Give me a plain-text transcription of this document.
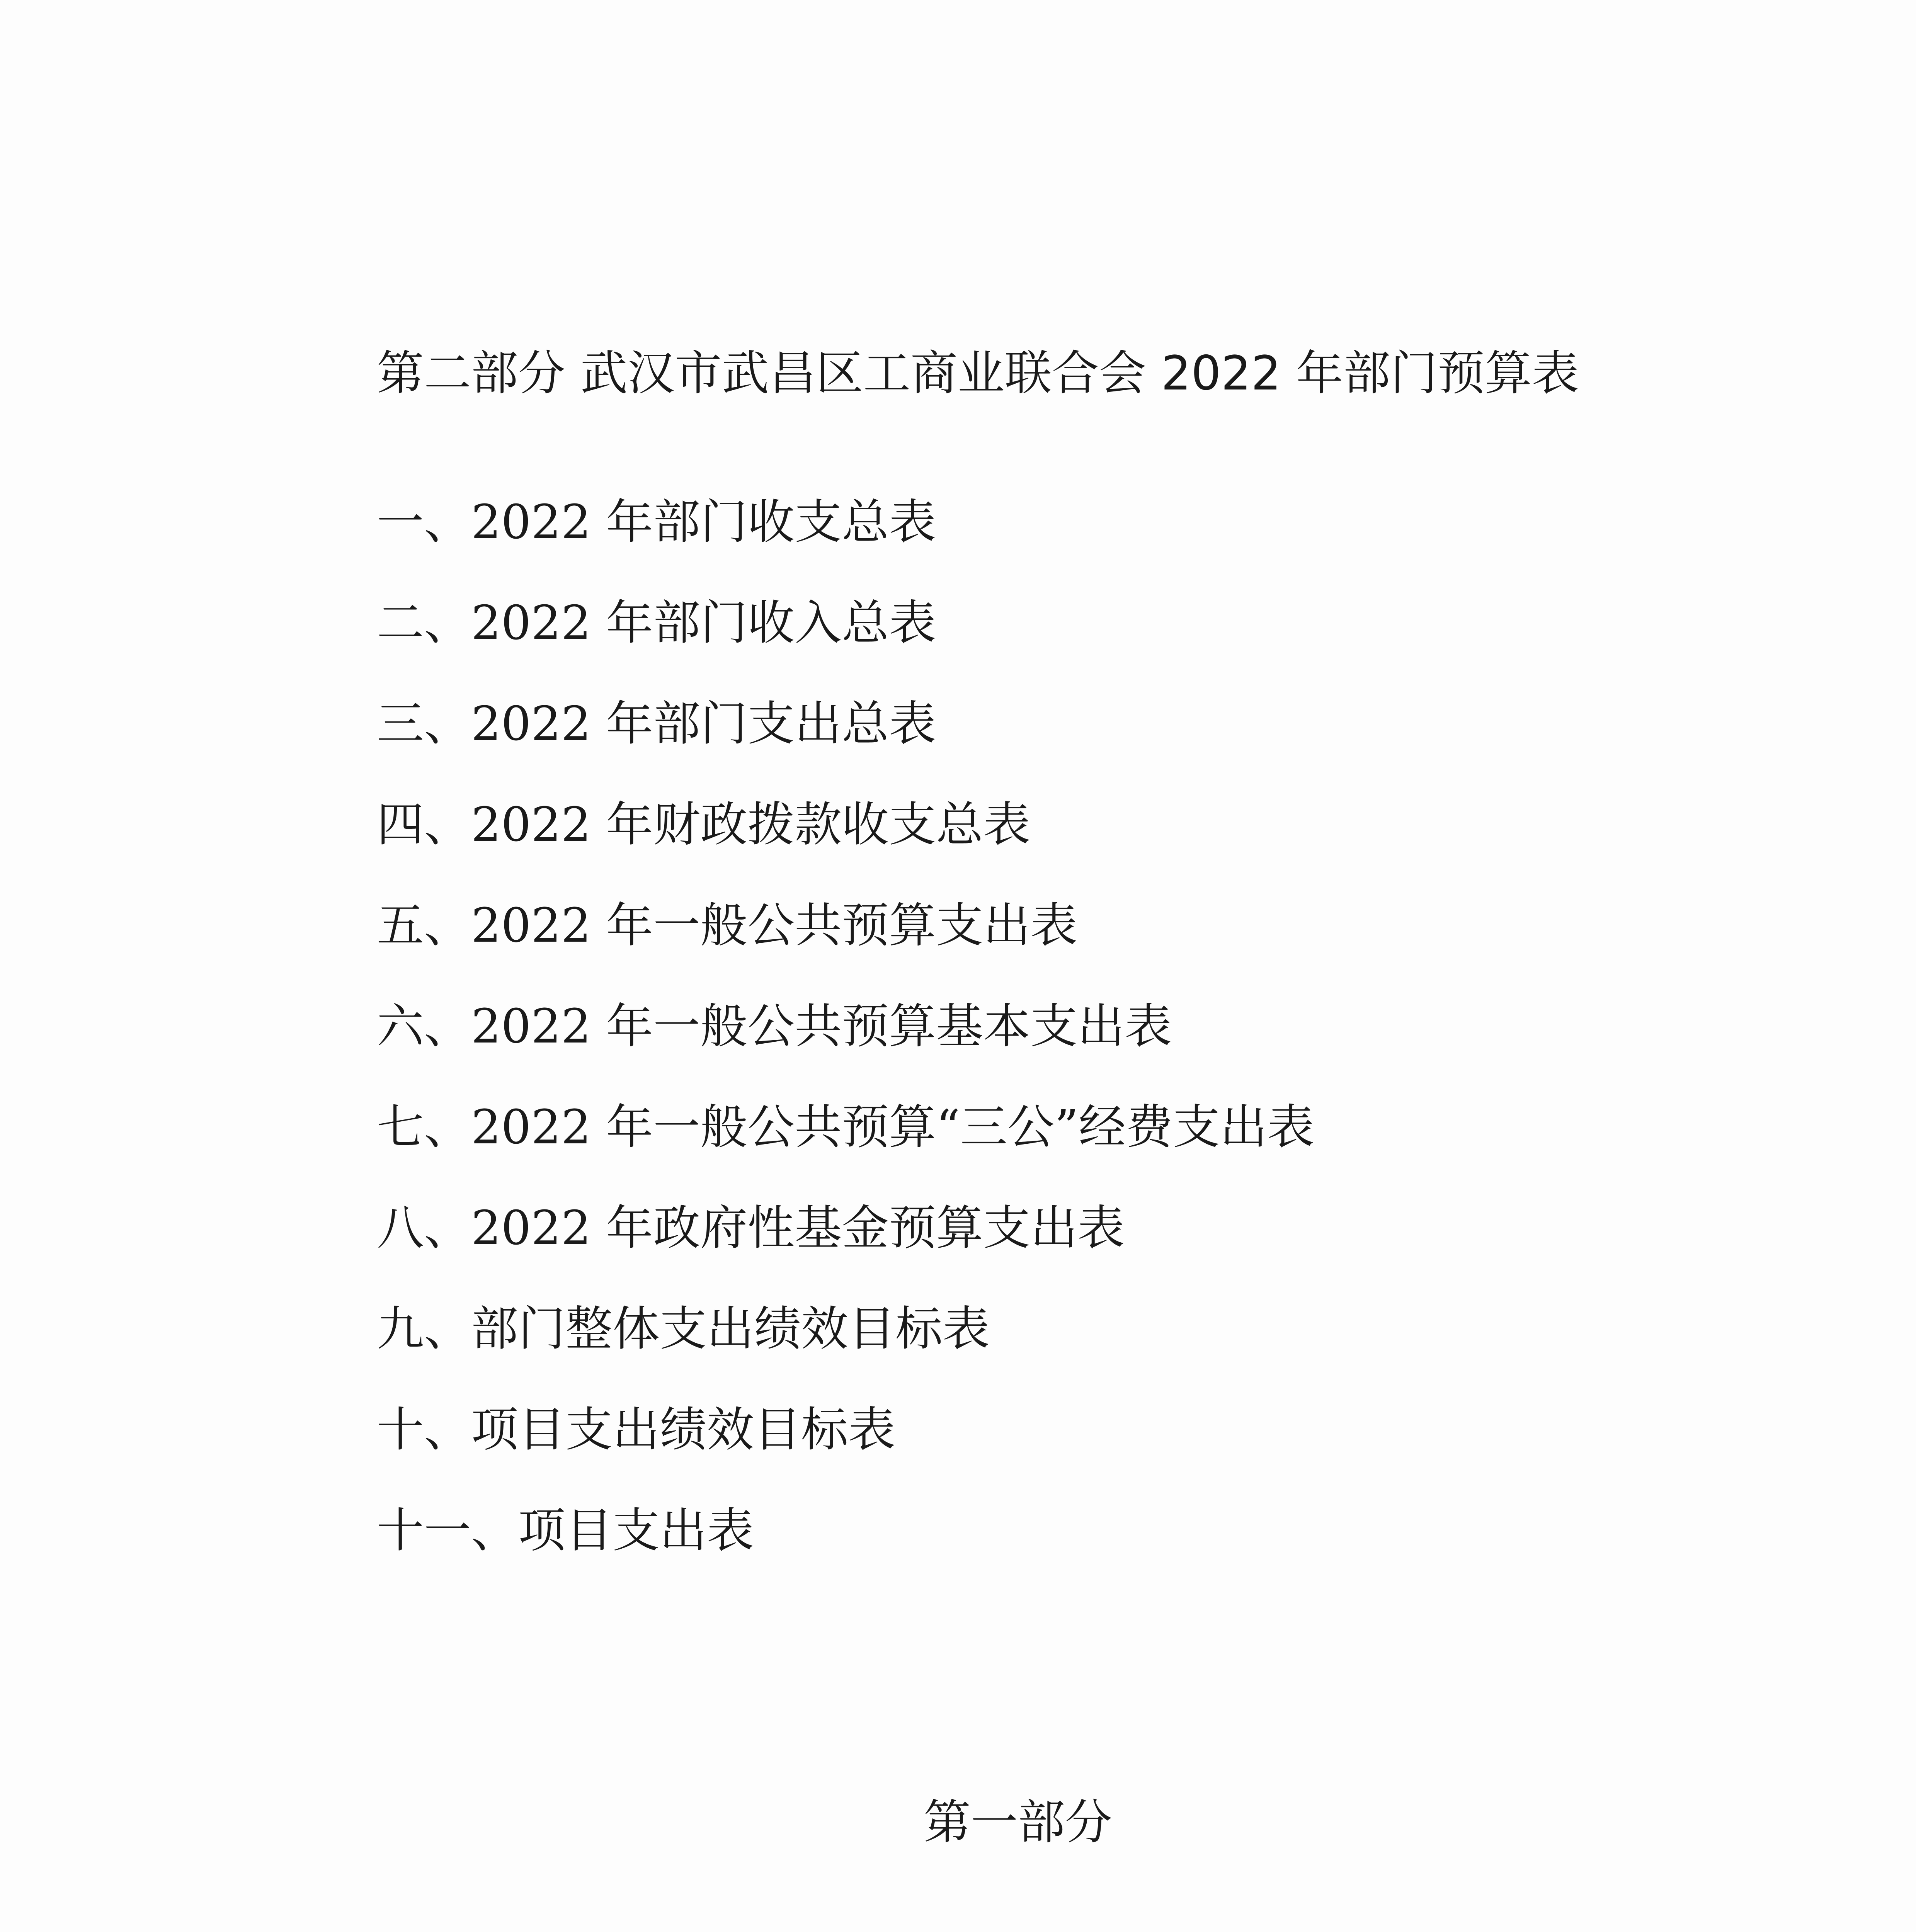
第二部分 武汉市武昌区工商业联合会 2022 年部门预算表
一、2022 年部门收支总表
二、2022 年部门收入总表
三、2022 年部门支出总表
四、2022 年财政拨款收支总表
五、2022 年一般公共预算支出表
六、2022 年一般公共预算基本支出表
七、2022 年一般公共预算“三公”经费支出表
八、2022 年政府性基金预算支出表
九、部门整体支出绩效目标表
十、项目支出绩效目标表
十一、项目支出表
第一部分
